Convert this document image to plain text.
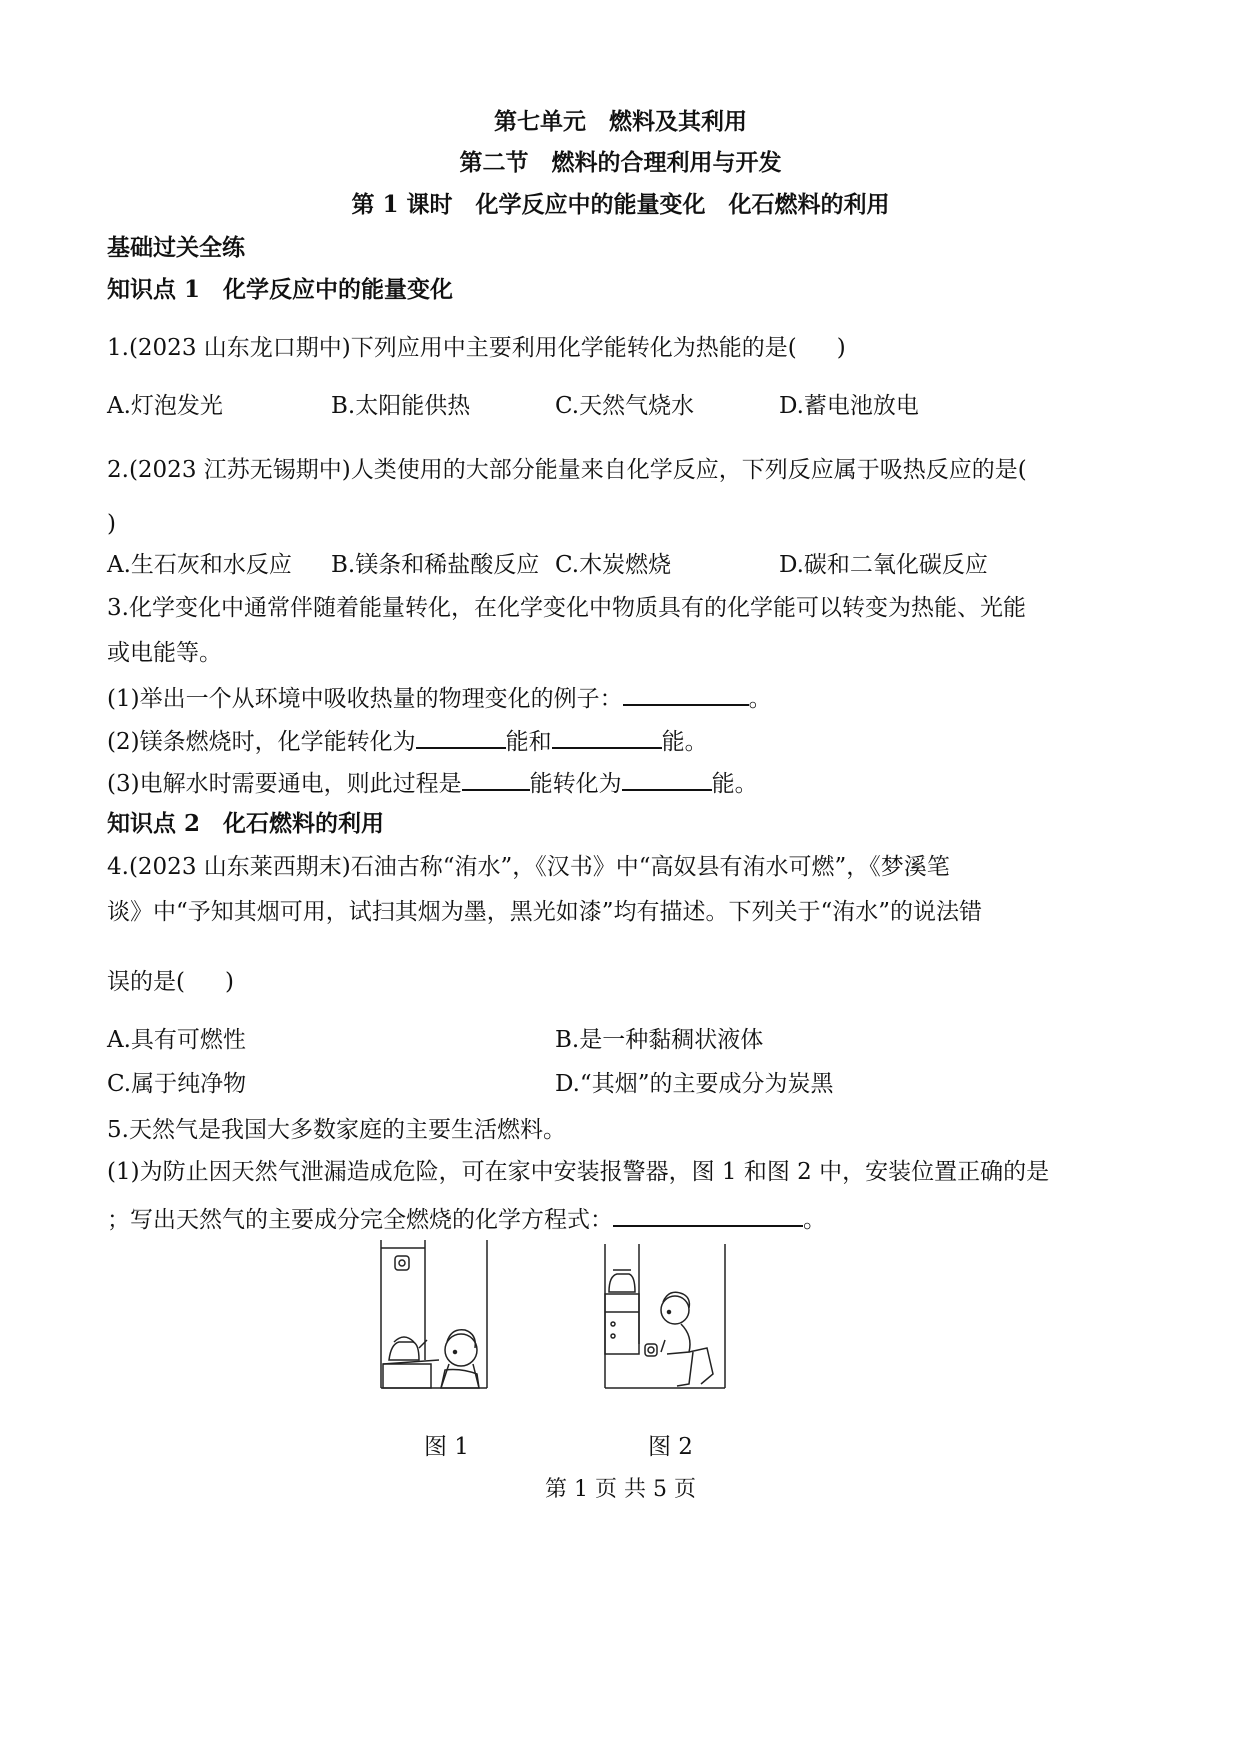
第七单元　燃料及其利用
第二节　燃料的合理利用与开发
第 1 课时　化学反应中的能量变化　化石燃料的利用
基础过关全练
知识点 1　化学反应中的能量变化
1.(2023 山东龙口期中)下列应用中主要利用化学能转化为热能的是( )
A.灯泡发光	B.太阳能供热	C.天然气烧水	D.蓄电池放电
2.(2023 江苏无锡期中)人类使用的大部分能量来自化学反应，下列反应属于吸热反应的是(
)
A.生石灰和水反应 B.镁条和稀盐酸反应 C.木炭燃烧	D.碳和二氧化碳反应
3.化学变化中通常伴随着能量转化，在化学变化中物质具有的化学能可以转变为热能、光能
或电能等。
(1)举出一个从环境中吸收热量的物理变化的例子：	。
(2)镁条燃烧时，化学能转化为	能和	能。
(3)电解水时需要通电，则此过程是	能转化为	能。
知识点 2　化石燃料的利用
4.(2023 山东莱西期末)石油古称“洧水”，《汉书》中“高奴县有洧水可燃”，《梦溪笔
谈》中“予知其烟可用，试扫其烟为墨，黑光如漆”均有描述。下列关于“洧水”的说法错
误的是( )
A.具有可燃性	B.是一种黏稠状液体
C.属于纯净物	D.“其烟”的主要成分为炭黑
5.天然气是我国大多数家庭的主要生活燃料。
(1)为防止因天然气泄漏造成危险，可在家中安装报警器，图 1 和图 2 中，安装位置正确的是
；写出天然气的主要成分完全燃烧的化学方程式：	。
图 1	图 2
第 1 页 共 5 页
